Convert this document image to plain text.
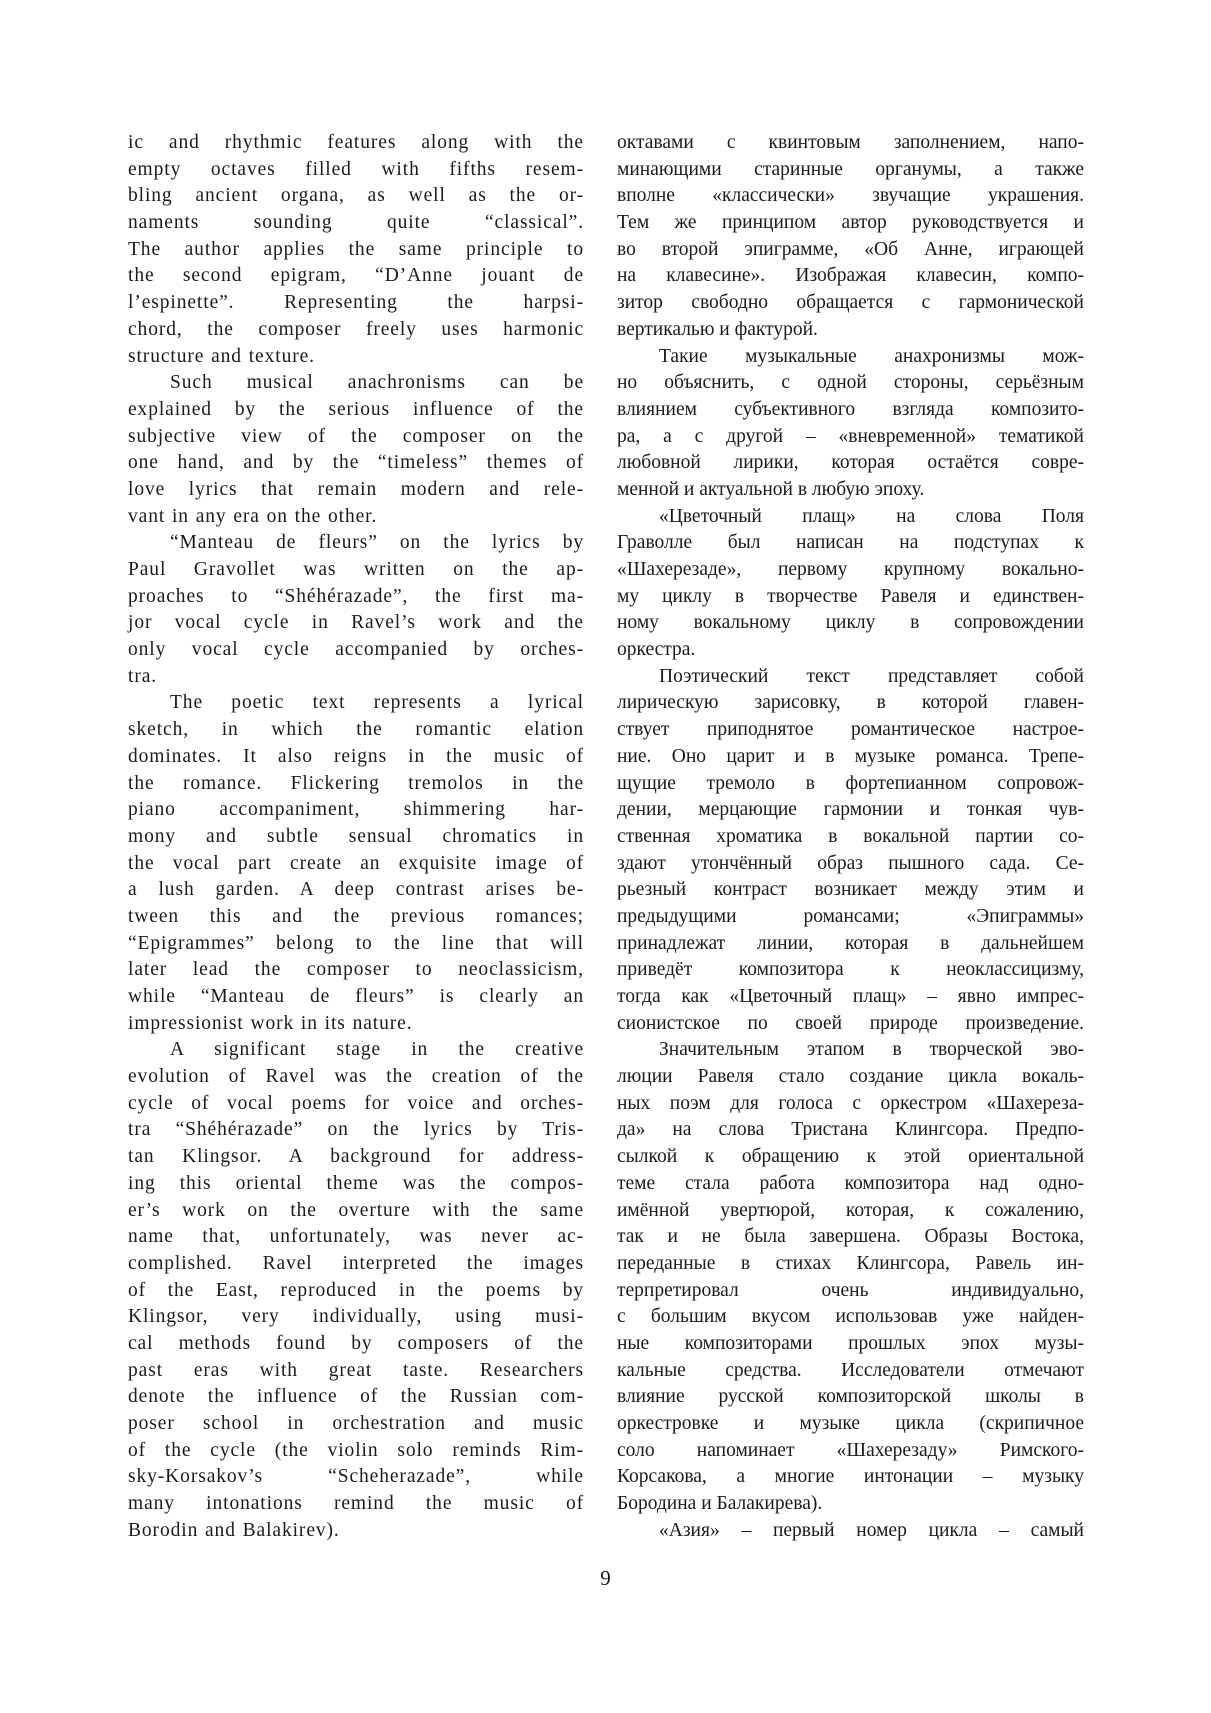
ic and rhythmic features along with the
empty octaves filled with fifths resem-
bling ancient organa, as well as the or-
naments sounding quite “classical”.
The author applies the same principle to
the second epigram, “D’Anne jouant de
l’espinette”. Representing the harpsi-
chord, the composer freely uses harmonic
structure and texture.
Such musical anachronisms can be
explained by the serious influence of the
subjective view of the composer on the
one hand, and by the “timeless” themes of
love lyrics that remain modern and rele-
vant in any era on the other.
“Manteau de fleurs” on the lyrics by
Paul Gravollet was written on the ap-
proaches to “Shéhérazade”, the first ma-
jor vocal cycle in Ravel’s work and the
only vocal cycle accompanied by orches-
tra.
The poetic text represents a lyrical
sketch, in which the romantic elation
dominates. It also reigns in the music of
the romance. Flickering tremolos in the
piano accompaniment, shimmering har-
mony and subtle sensual chromatics in
the vocal part create an exquisite image of
a lush garden. A deep contrast arises be-
tween this and the previous romances;
“Epigrammes” belong to the line that will
later lead the composer to neoclassicism,
while “Manteau de fleurs” is clearly an
impressionist work in its nature.
A significant stage in the creative
evolution of Ravel was the creation of the
cycle of vocal poems for voice and orches-
tra “Shéhérazade” on the lyrics by Tris-
tan Klingsor. A background for address-
ing this oriental theme was the compos-
er’s work on the overture with the same
name that, unfortunately, was never ac-
complished. Ravel interpreted the images
of the East, reproduced in the poems by
Klingsor, very individually, using musi-
cal methods found by composers of the
past eras with great taste. Researchers
denote the influence of the Russian com-
poser school in orchestration and music
of the cycle (the violin solo reminds Rim-
sky-Korsakov’s “Scheherazade”, while
many intonations remind the music of
Borodin and Balakirev).
октавами с квинтовым заполнением, напо-
минающими старинные органумы, а также
вполне «классически» звучащие украшения.
Тем же принципом автор руководствуется и
во второй эпиграмме, «Об Анне, играющей
на клавесине». Изображая клавесин, компо-
зитор свободно обращается с гармонической
вертикалью и фактурой.
Такие музыкальные анахронизмы мож-
но объяснить, с одной стороны, серьёзным
влиянием субъективного взгляда композито-
ра, а с другой – «вневременной» тематикой
любовной лирики, которая остаётся совре-
менной и актуальной в любую эпоху.
«Цветочный плащ» на слова Поля
Граволле был написан на подступах к
«Шахерезаде», первому крупному вокально-
му циклу в творчестве Равеля и единствен-
ному вокальному циклу в сопровождении
оркестра.
Поэтический текст представляет собой
лирическую зарисовку, в которой главен-
ствует приподнятое романтическое настрое-
ние. Оно царит и в музыке романса. Трепе-
щущие тремоло в фортепианном сопровож-
дении, мерцающие гармонии и тонкая чув-
ственная хроматика в вокальной партии со-
здают утончённый образ пышного сада. Се-
рьезный контраст возникает между этим и
предыдущими романсами; «Эпиграммы»
принадлежат линии, которая в дальнейшем
приведёт композитора к неоклассицизму,
тогда как «Цветочный плащ» – явно импрес-
сионистское по своей природе произведение.
Значительным этапом в творческой эво-
люции Равеля стало создание цикла вокаль-
ных поэм для голоса с оркестром «Шахереза-
да» на слова Тристана Клингсора. Предпо-
сылкой к обращению к этой ориентальной
теме стала работа композитора над одно-
имённой увертюрой, которая, к сожалению,
так и не была завершена. Образы Востока,
переданные в стихах Клингсора, Равель ин-
терпретировал очень индивидуально,
с большим вкусом использовав уже найден-
ные композиторами прошлых эпох музы-
кальные средства. Исследователи отмечают
влияние русской композиторской школы в
оркестровке и музыке цикла (скрипичное
соло напоминает «Шахерезаду» Римского-
Корсакова, а многие интонации – музыку
Бородина и Балакирева).
«Азия» – первый номер цикла – самый
9
